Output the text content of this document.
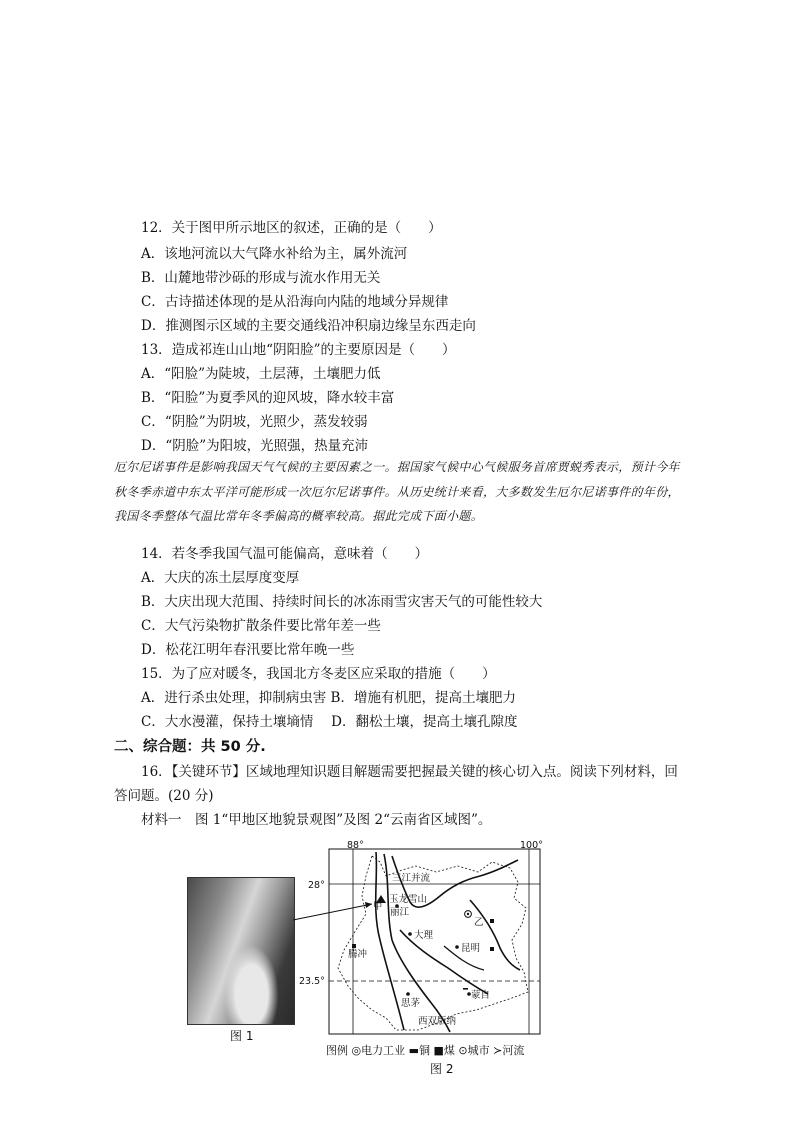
12．关于图甲所示地区的叙述，正确的是（　　）
A．该地河流以大气降水补给为主，属外流河
B．山麓地带沙砾的形成与流水作用无关
C．古诗描述体现的是从沿海向内陆的地域分异规律
D．推测图示区域的主要交通线沿冲积扇边缘呈东西走向
13．造成祁连山山地“阴阳脸”的主要原因是（　　）
A．“阳脸”为陡坡，土层薄，土壤肥力低
B．“阳脸”为夏季风的迎风坡，降水较丰富
C．“阴脸”为阴坡，光照少，蒸发较弱
D．“阴脸”为阳坡，光照强，热量充沛
厄尔尼诺事件是影响我国天气气候的主要因素之一。据国家气候中心气候服务首席贾蜕秀表示，预计今年秋冬季赤道中东太平洋可能形成一次厄尔尼诺事件。从历史统计来看，大多数发生厄尔尼诺事件的年份，我国冬季整体气温比常年冬季偏高的概率较高。据此完成下面小题。
14．若冬季我国气温可能偏高，意味着（　　）
A．大庆的冻土层厚度变厚
B．大庆出现大范围、持续时间长的冰冻雨雪灾害天气的可能性较大
C．大气污染物扩散条件要比常年差一些
D．松花江明年春汛要比常年晚一些
15．为了应对暖冬，我国北方冬麦区应采取的措施（　　）
A．进行杀虫处理，抑制病虫害 B．增施有机肥，提高土壤肥力
C．大水漫灌，保持土壤墒情　 D．翻松土壤，提高土壤孔隙度
二、综合题：共 50 分.
16．【关键环节】区域地理知识题目解题需要把握最关键的核心切入点。阅读下列材料，回答问题。(20 分)
材料一　图 1“甲地区地貌景观图”及图 2“云南省区域图”。
图 1
88°	100°
28°
23.5°
三江并流
玉龙雪山
甲
丽江
乙
大理
昆明
腾冲
思茅
蒙自
西双版纳
图例 ◎电力工业 ▬铜 ■煤 ⊙城市 ≻河流
图 2
